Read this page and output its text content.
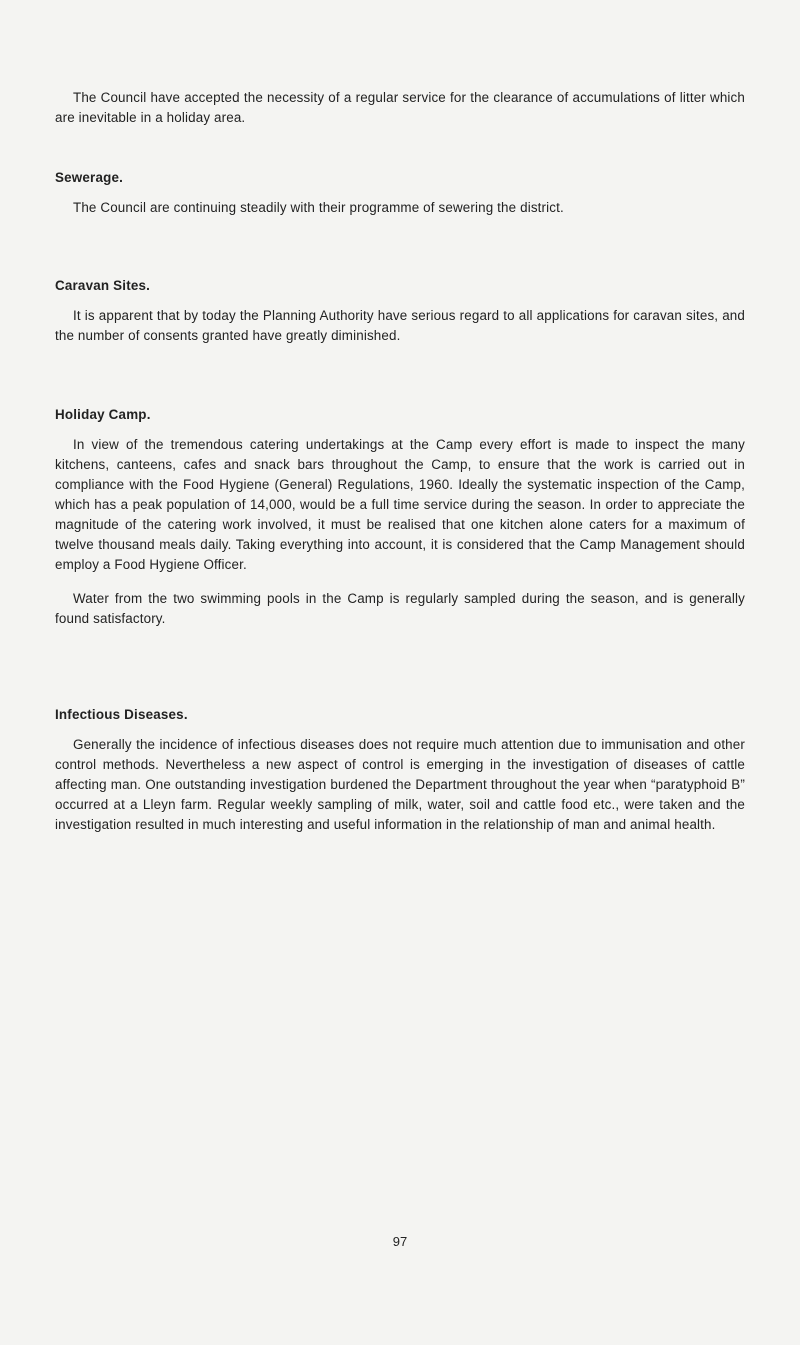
The Council have accepted the necessity of a regular service for the clearance of accumulations of litter which are inevitable in a holiday area.

Sewerage.

The Council are continuing steadily with their programme of sewering the district.

Caravan Sites.

It is apparent that by today the Planning Authority have serious regard to all applications for caravan sites, and the number of consents granted have greatly diminished.

Holiday Camp.

In view of the tremendous catering undertakings at the Camp every effort is made to inspect the many kitchens, canteens, cafes and snack bars throughout the Camp, to ensure that the work is carried out in compliance with the Food Hygiene (General) Regulations, 1960. Ideally the systematic inspection of the Camp, which has a peak population of 14,000, would be a full time service during the season. In order to appreciate the magnitude of the catering work involved, it must be realised that one kitchen alone caters for a maximum of twelve thousand meals daily. Taking everything into account, it is considered that the Camp Management should employ a Food Hygiene Officer.

Water from the two swimming pools in the Camp is regularly sampled during the season, and is generally found satisfactory.

Infectious Diseases.

Generally the incidence of infectious diseases does not require much attention due to immunisation and other control methods. Nevertheless a new aspect of control is emerging in the investigation of diseases of cattle affecting man. One outstanding investigation burdened the Department throughout the year when “paratyphoid B” occurred at a Lleyn farm. Regular weekly sampling of milk, water, soil and cattle food etc., were taken and the investigation resulted in much interesting and useful information in the relationship of man and animal health.

97
